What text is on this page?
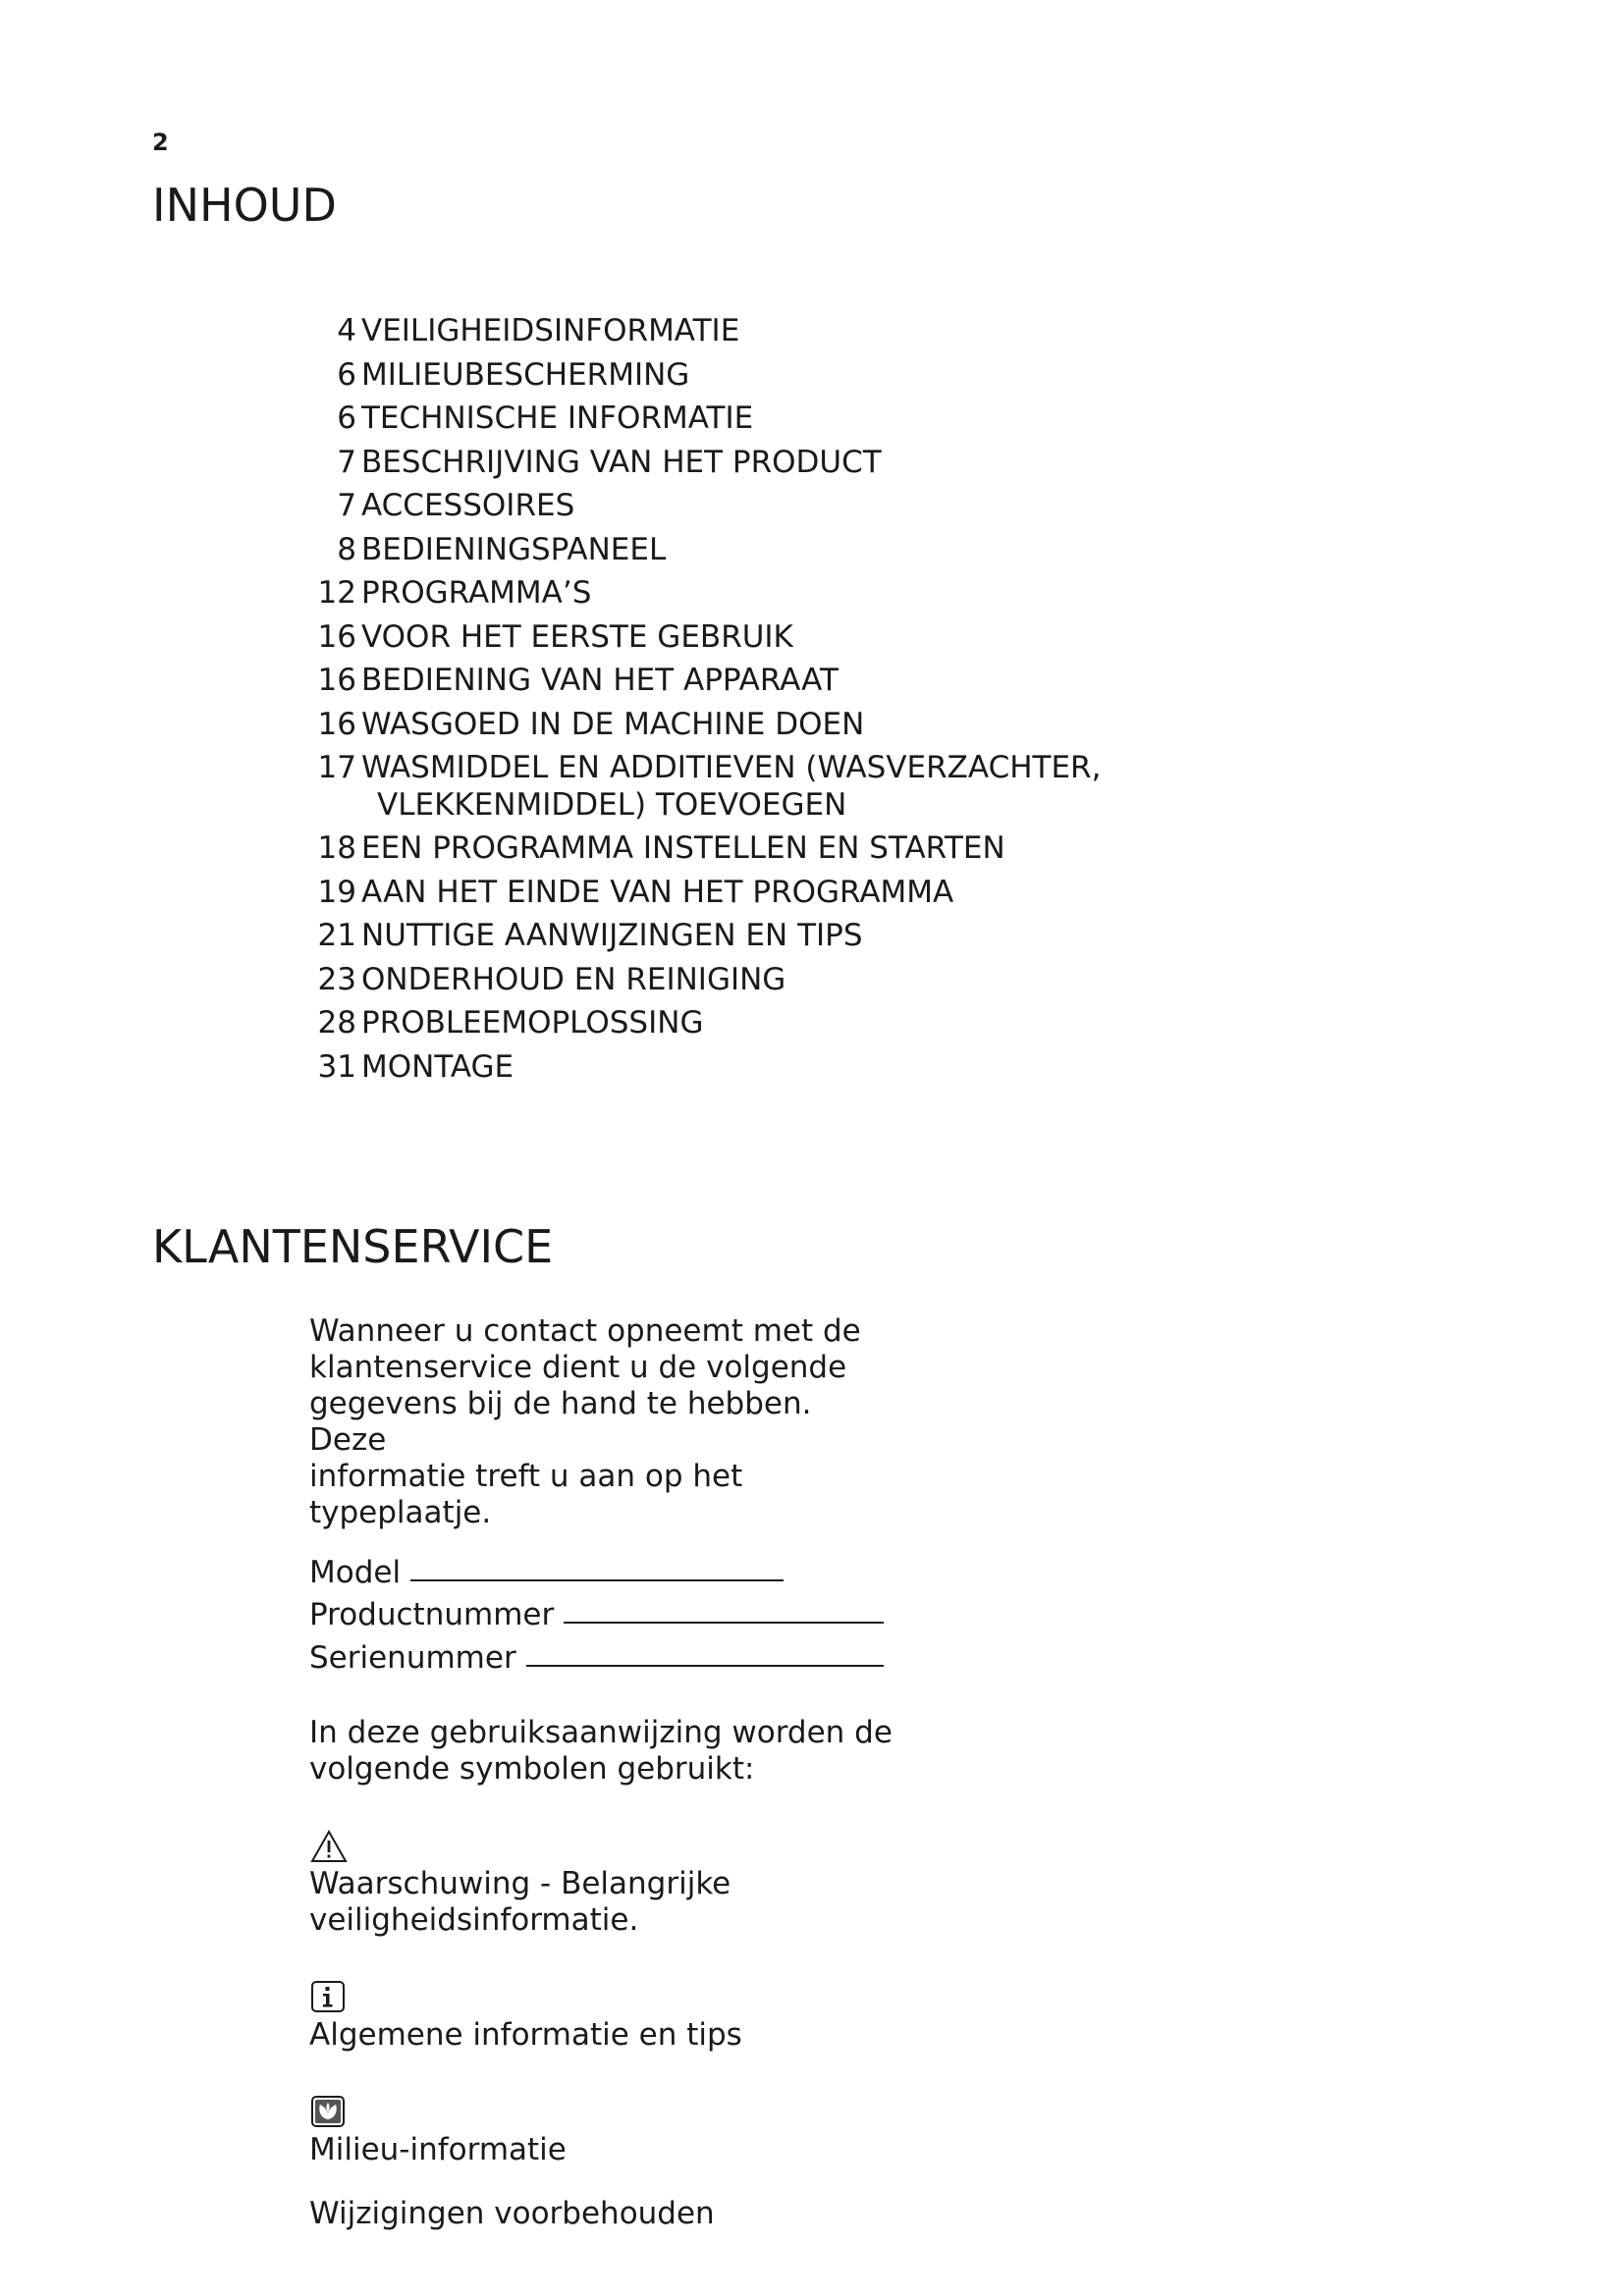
2
INHOUD
4 VEILIGHEIDSINFORMATIE
6 MILIEUBESCHERMING
6 TECHNISCHE INFORMATIE
7 BESCHRIJVING VAN HET PRODUCT
7 ACCESSOIRES
8 BEDIENINGSPANEEL
12 PROGRAMMA’S
16 VOOR HET EERSTE GEBRUIK
16 BEDIENING VAN HET APPARAAT
16 WASGOED IN DE MACHINE DOEN
17 WASMIDDEL EN ADDITIEVEN (WASVERZACHTER,
VLEKKENMIDDEL) TOEVOEGEN
18 EEN PROGRAMMA INSTELLEN EN STARTEN
19 AAN HET EINDE VAN HET PROGRAMMA
21 NUTTIGE AANWIJZINGEN EN TIPS
23 ONDERHOUD EN REINIGING
28 PROBLEEMOPLOSSING
31 MONTAGE
KLANTENSERVICE

Wanneer u contact opneemt met de

klantenservice dient u de volgende

gegevens bij de hand te hebben. Deze

informatie treft u aan op het

typeplaatje.

Model
Productnummer
Serienummer

In deze gebruiksaanwijzing worden de

volgende symbolen gebruikt:

Waarschuwing - Belangrijke

veiligheidsinformatie.

Algemene informatie en tips

Milieu-informatie

Wijzigingen voorbehouden
